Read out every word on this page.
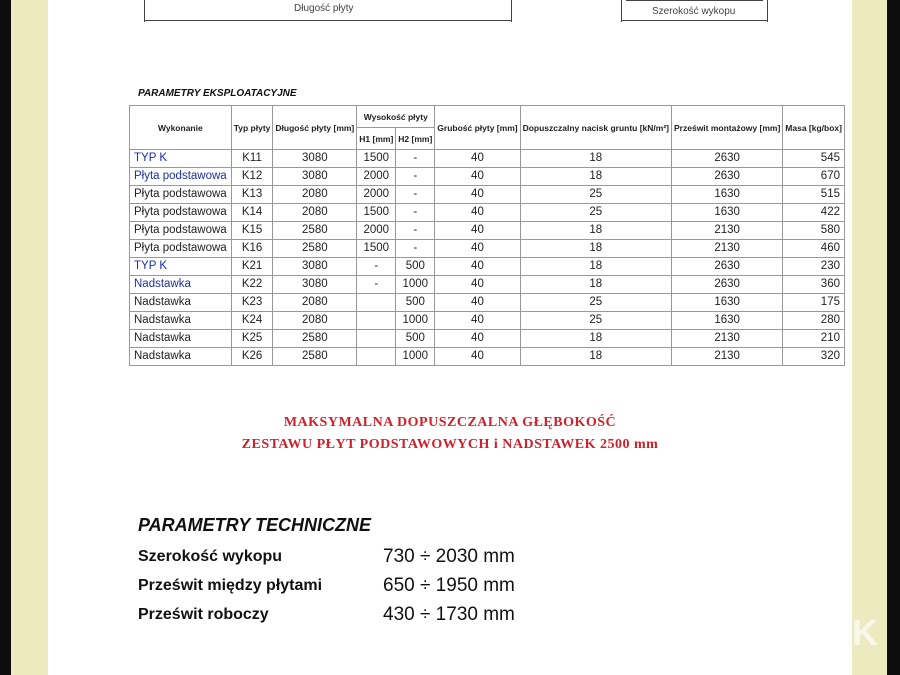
Długość płyty	Szerokość wykopu
PARAMETRY EKSPLOATACYJNE
Wykonanie	Typ płyty	Długość płyty [mm]	Wysokość płyty		Grubość płyty [mm]	Dopuszczalny nacisk gruntu [kN/m²]	Prześwit montażowy [mm]	Masa [kg/box]
			H1 [mm]	H2 [mm]				
TYP K	K11	3080	1500	-	40	18	2630	545
Płyta podstawowa	K12	3080	2000	-	40	18	2630	670
Płyta podstawowa	K13	2080	2000	-	40	25	1630	515
Płyta podstawowa	K14	2080	1500	-	40	25	1630	422
Płyta podstawowa	K15	2580	2000	-	40	18	2130	580
Płyta podstawowa	K16	2580	1500	-	40	18	2130	460
TYP K	K21	3080	-	500	40	18	2630	230
Nadstawka	K22	3080	-	1000	40	18	2630	360
Nadstawka	K23	2080		500	40	25	1630	175
Nadstawka	K24	2080		1000	40	25	1630	280
Nadstawka	K25	2580		500	40	18	2130	210
Nadstawka	K26	2580		1000	40	18	2130	320
MAKSYMALNA DOPUSZCZALNA GŁĘBOKOŚĆ
ZESTAWU PŁYT PODSTAWOWYCH i NADSTAWEK 2500 mm
PARAMETRY TECHNICZNE
Szerokość wykopu	730 ÷ 2030 mm
Prześwit między płytami	650 ÷ 1950 mm
Prześwit roboczy	430 ÷ 1730 mm	K
